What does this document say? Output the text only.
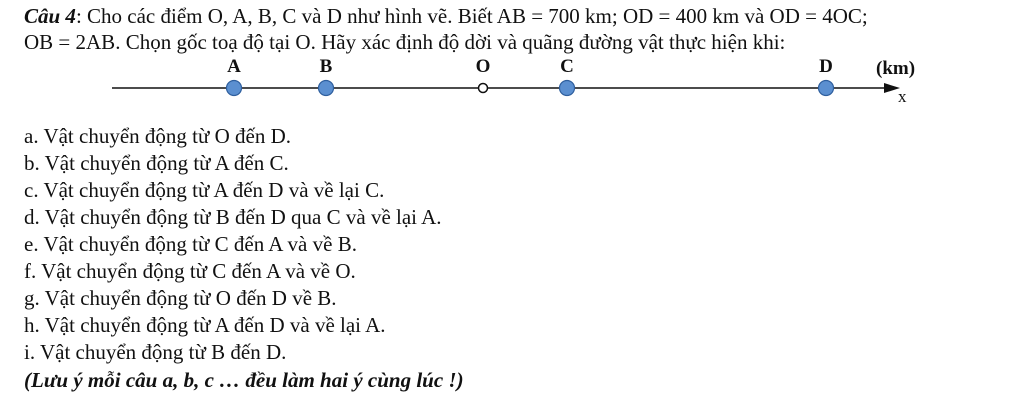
Câu 4: Cho các điểm O, A, B, C và D như hình vẽ. Biết AB = 700 km; OD = 400 km và OD = 4OC;
OB = 2AB. Chọn gốc toạ độ tại O. Hãy xác định độ dời và quãng đường vật thực hiện khi:
A	B	O	C	D (km)
x
a. Vật chuyển động từ O đến D.
b. Vật chuyển động từ A đến C.
c. Vật chuyển động từ A đến D và về lại C.
d. Vật chuyển động từ B đến D qua C và về lại A.
e. Vật chuyển động từ C đến A và về B.
f. Vật chuyển động từ C đến A và về O.
g. Vật chuyển động từ O đến D về B.
h. Vật chuyển động từ A đến D và về lại A.
i. Vật chuyển động từ B đến D.
(Lưu ý mỗi câu a, b, c … đều làm hai ý cùng lúc !)
